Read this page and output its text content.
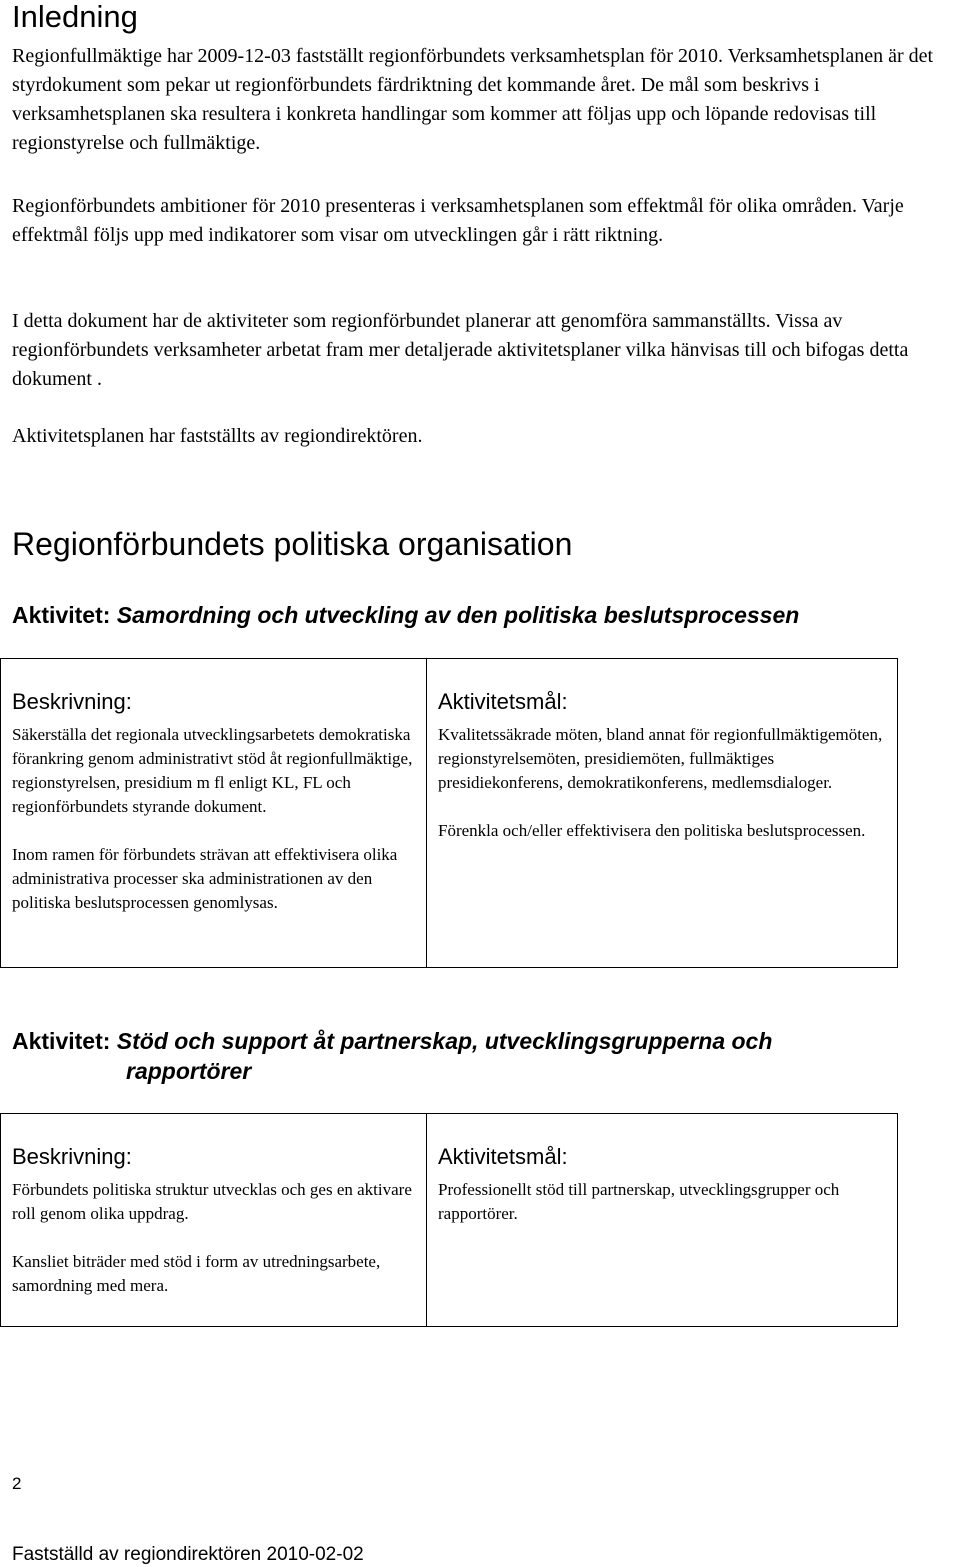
Inledning

Regionfullmäktige har 2009-12-03 fastställt regionförbundets verksamhetsplan för 2010. Verksamhetsplanen är det styrdokument som pekar ut regionförbundets färdriktning det kommande året. De mål som beskrivs i verksamhetsplanen ska resultera i konkreta handlingar som kommer att följas upp och löpande redovisas till regionstyrelse och fullmäktige.

Regionförbundets ambitioner för 2010 presenteras i verksamhetsplanen som effektmål för olika områden. Varje effektmål följs upp med indikatorer som visar om utvecklingen går i rätt riktning.

I detta dokument har de aktiviteter som regionförbundet planerar att genomföra sammanställts. Vissa av regionförbundets verksamheter arbetat fram mer detaljerade aktivitetsplaner vilka hänvisas till och bifogas detta dokument .

Aktivitetsplanen har fastställts av regiondirektören.

Regionförbundets politiska organisation
Aktivitet: Samordning och utveckling av den politiska beslutsprocessen
Beskrivning:

Säkerställa det regionala utvecklingsarbetets demokratiska förankring genom administrativt stöd åt regionfullmäktige, regionstyrelsen, presidium m fl enligt KL, FL och regionförbundets styrande dokument.

Inom ramen för förbundets strävan att effektivisera olika administrativa processer ska administrationen av den politiska beslutsprocessen genomlysas.

Aktivitetsmål:

Kvalitetssäkrade möten, bland annat för regionfullmäktigemöten, regionstyrelsemöten, presidiemöten, fullmäktiges presidiekonferens, demokratikonferens, medlemsdialoger.

Förenkla och/eller effektivisera den politiska beslutsprocessen.

Aktivitet: Stöd och support åt partnerskap, utvecklingsgrupperna och
rapportörer
Beskrivning:

Förbundets politiska struktur utvecklas och ges en aktivare roll genom olika uppdrag.

Kansliet biträder med stöd i form av utredningsarbete, samordning med mera.

Aktivitetsmål:

Professionellt stöd till partnerskap, utvecklingsgrupper och rapportörer.

2
Fastställd av regiondirektören 2010-02-02
